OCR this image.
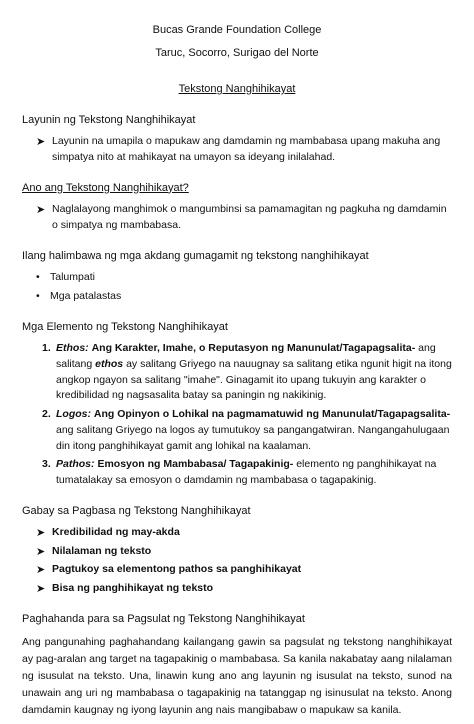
Bucas Grande Foundation College
Taruc, Socorro, Surigao del Norte
Tekstong Nanghihikayat
Layunin ng Tekstong Nanghihikayat
➤ Layunin na umapila o mapukaw ang damdamin ng mambabasa upang makuha ang simpatya nito at mahikayat na umayon sa ideyang inilalahad.
Ano ang Tekstong Nanghihikayat?
➤ Naglalayong manghimok o mangumbinsi sa pamamagitan ng pagkuha ng damdamin o simpatya ng mambabasa.
Ilang halimbawa ng mga akdang gumagamit ng tekstong nanghihikayat
• Talumpati
• Mga patalastas
Mga Elemento ng Tekstong Nanghihikayat
1. Ethos: Ang Karakter, Imahe, o Reputasyon ng Manunulat/Tagapagsalita- ang salitang ethos ay salitang Griyego na nauugnay sa salitang etika ngunit higit na itong angkop ngayon sa salitang "imahe". Ginagamit ito upang tukuyin ang karakter o kredibilidad ng nagsasalita batay sa paningin ng nakikinig.
2. Logos: Ang Opinyon o Lohikal na pagmamatuwid ng Manunulat/Tagapagsalita- ang salitang Griyego na logos ay tumutukoy sa pangangatwiran. Nangangahulugaan din itong panghihikayat gamit ang lohikal na kaalaman.
3. Pathos: Emosyon ng Mambabasa/ Tagapakinig- elemento ng panghihikayat na tumatalakay sa emosyon o damdamin ng mambabasa o tagapakinig.
Gabay sa Pagbasa ng Tekstong Nanghihikayat
➤ Kredibilidad ng may-akda
➤ Nilalaman ng teksto
➤ Pagtukoy sa elementong pathos sa panghihikayat
➤ Bisa ng panghihikayat ng teksto
Paghahanda para sa Pagsulat ng Tekstong Nanghihikayat

Ang pangunahing paghahandang kailangang gawin sa pagsulat ng tekstong nanghihikayat ay pag-aralan ang target na tagapakinig o mambabasa. Sa kanila nakabatay aang nilalaman ng isusulat na teksto. Una, linawin kung ano ang layunin ng isusulat na teksto, sunod na unawain ang uri ng mambabasa o tagapakinig na tatanggap ng isinusulat na teksto. Anong damdamin kaugnay ng iyong layunin ang nais mangibabaw o mapukaw sa kanila.
